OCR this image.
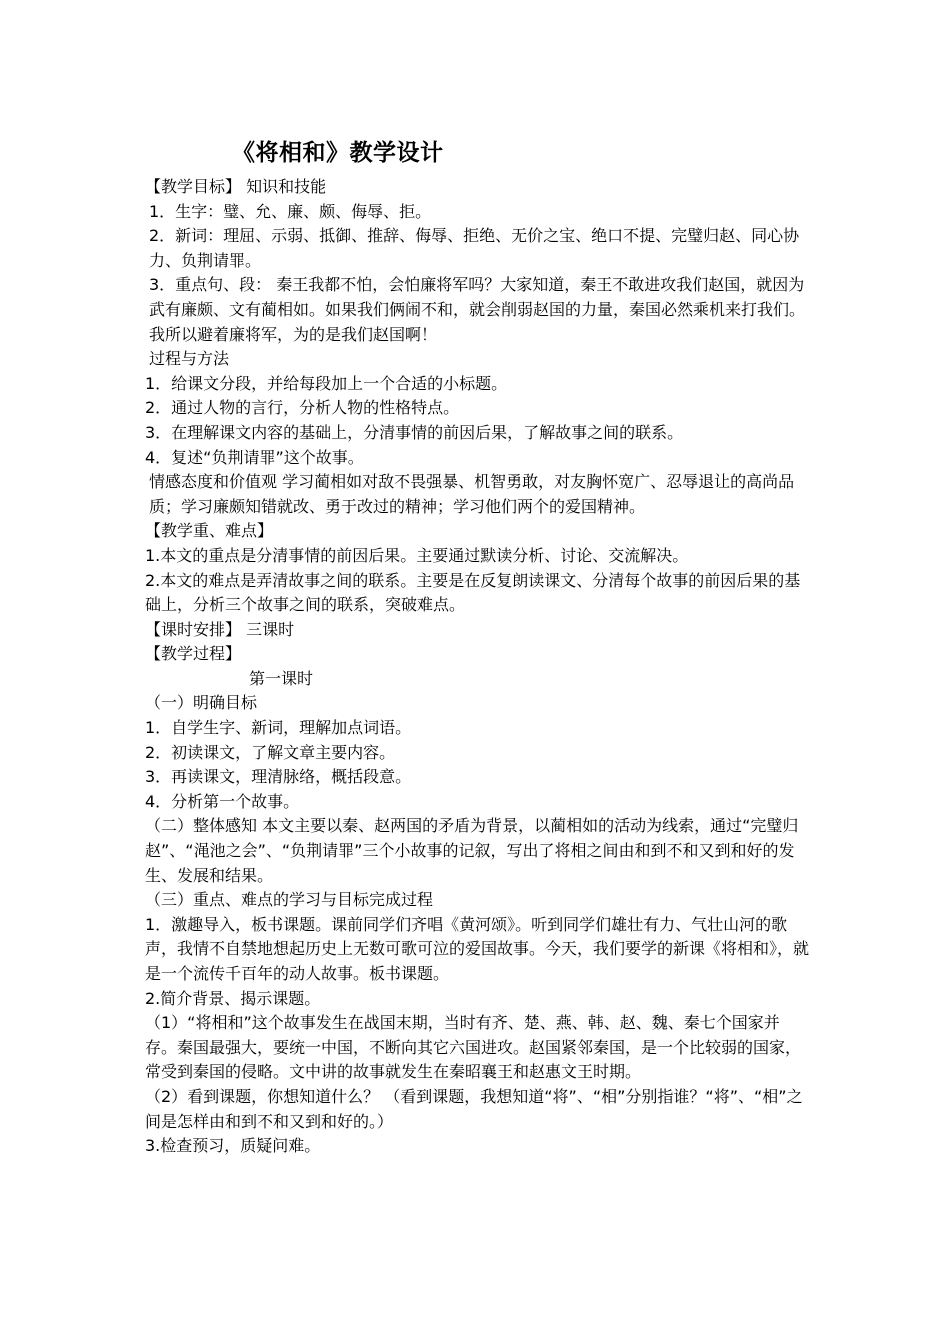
《将相和》教学设计

【教学目标】 知识和技能

1．生字：璧、允、廉、颇、侮辱、拒。

2．新词：理屈、示弱、抵御、推辞、侮辱、拒绝、无价之宝、绝口不提、完璧归赵、同心协力、负荆请罪。

3．重点句、段： 秦王我都不怕，会怕廉将军吗？大家知道，秦王不敢进攻我们赵国，就因为武有廉颇、文有蔺相如。如果我们俩闹不和，就会削弱赵国的力量，秦国必然乘机来打我们。我所以避着廉将军，为的是我们赵国啊！

过程与方法

1．给课文分段，并给每段加上一个合适的小标题。

2．通过人物的言行，分析人物的性格特点。

3．在理解课文内容的基础上，分清事情的前因后果，了解故事之间的联系。

4．复述“负荆请罪”这个故事。

情感态度和价值观 学习蔺相如对敌不畏强暴、机智勇敢，对友胸怀宽广、忍辱退让的高尚品质；学习廉颇知错就改、勇于改过的精神；学习他们两个的爱国精神。

【教学重、难点】

1.本文的重点是分清事情的前因后果。主要通过默读分析、讨论、交流解决。

2.本文的难点是弄清故事之间的联系。主要是在反复朗读课文、分清每个故事的前因后果的基础上，分析三个故事之间的联系，突破难点。

【课时安排】 三课时

【教学过程】

第一课时

（一）明确目标

1．自学生字、新词，理解加点词语。

2．初读课文，了解文章主要内容。

3．再读课文，理清脉络，概括段意。

4．分析第一个故事。

（二）整体感知 本文主要以秦、赵两国的矛盾为背景，以蔺相如的活动为线索，通过“完璧归赵”、“渑池之会”、“负荆请罪”三个小故事的记叙，写出了将相之间由和到不和又到和好的发生、发展和结果。

（三）重点、难点的学习与目标完成过程

1．激趣导入，板书课题。课前同学们齐唱《黄河颂》。听到同学们雄壮有力、气壮山河的歌声，我情不自禁地想起历史上无数可歌可泣的爱国故事。今天，我们要学的新课《将相和》，就是一个流传千百年的动人故事。板书课题。

2.简介背景、揭示课题。

（1）“将相和”这个故事发生在战国末期，当时有齐、楚、燕、韩、赵、魏、秦七个国家并存。秦国最强大，要统一中国，不断向其它六国进攻。赵国紧邻秦国，是一个比较弱的国家，常受到秦国的侵略。文中讲的故事就发生在秦昭襄王和赵惠文王时期。

（2）看到课题，你想知道什么？ （看到课题，我想知道“将”、“相”分别指谁？“将”、“相”之间是怎样由和到不和又到和好的。）

3.检查预习，质疑问难。
